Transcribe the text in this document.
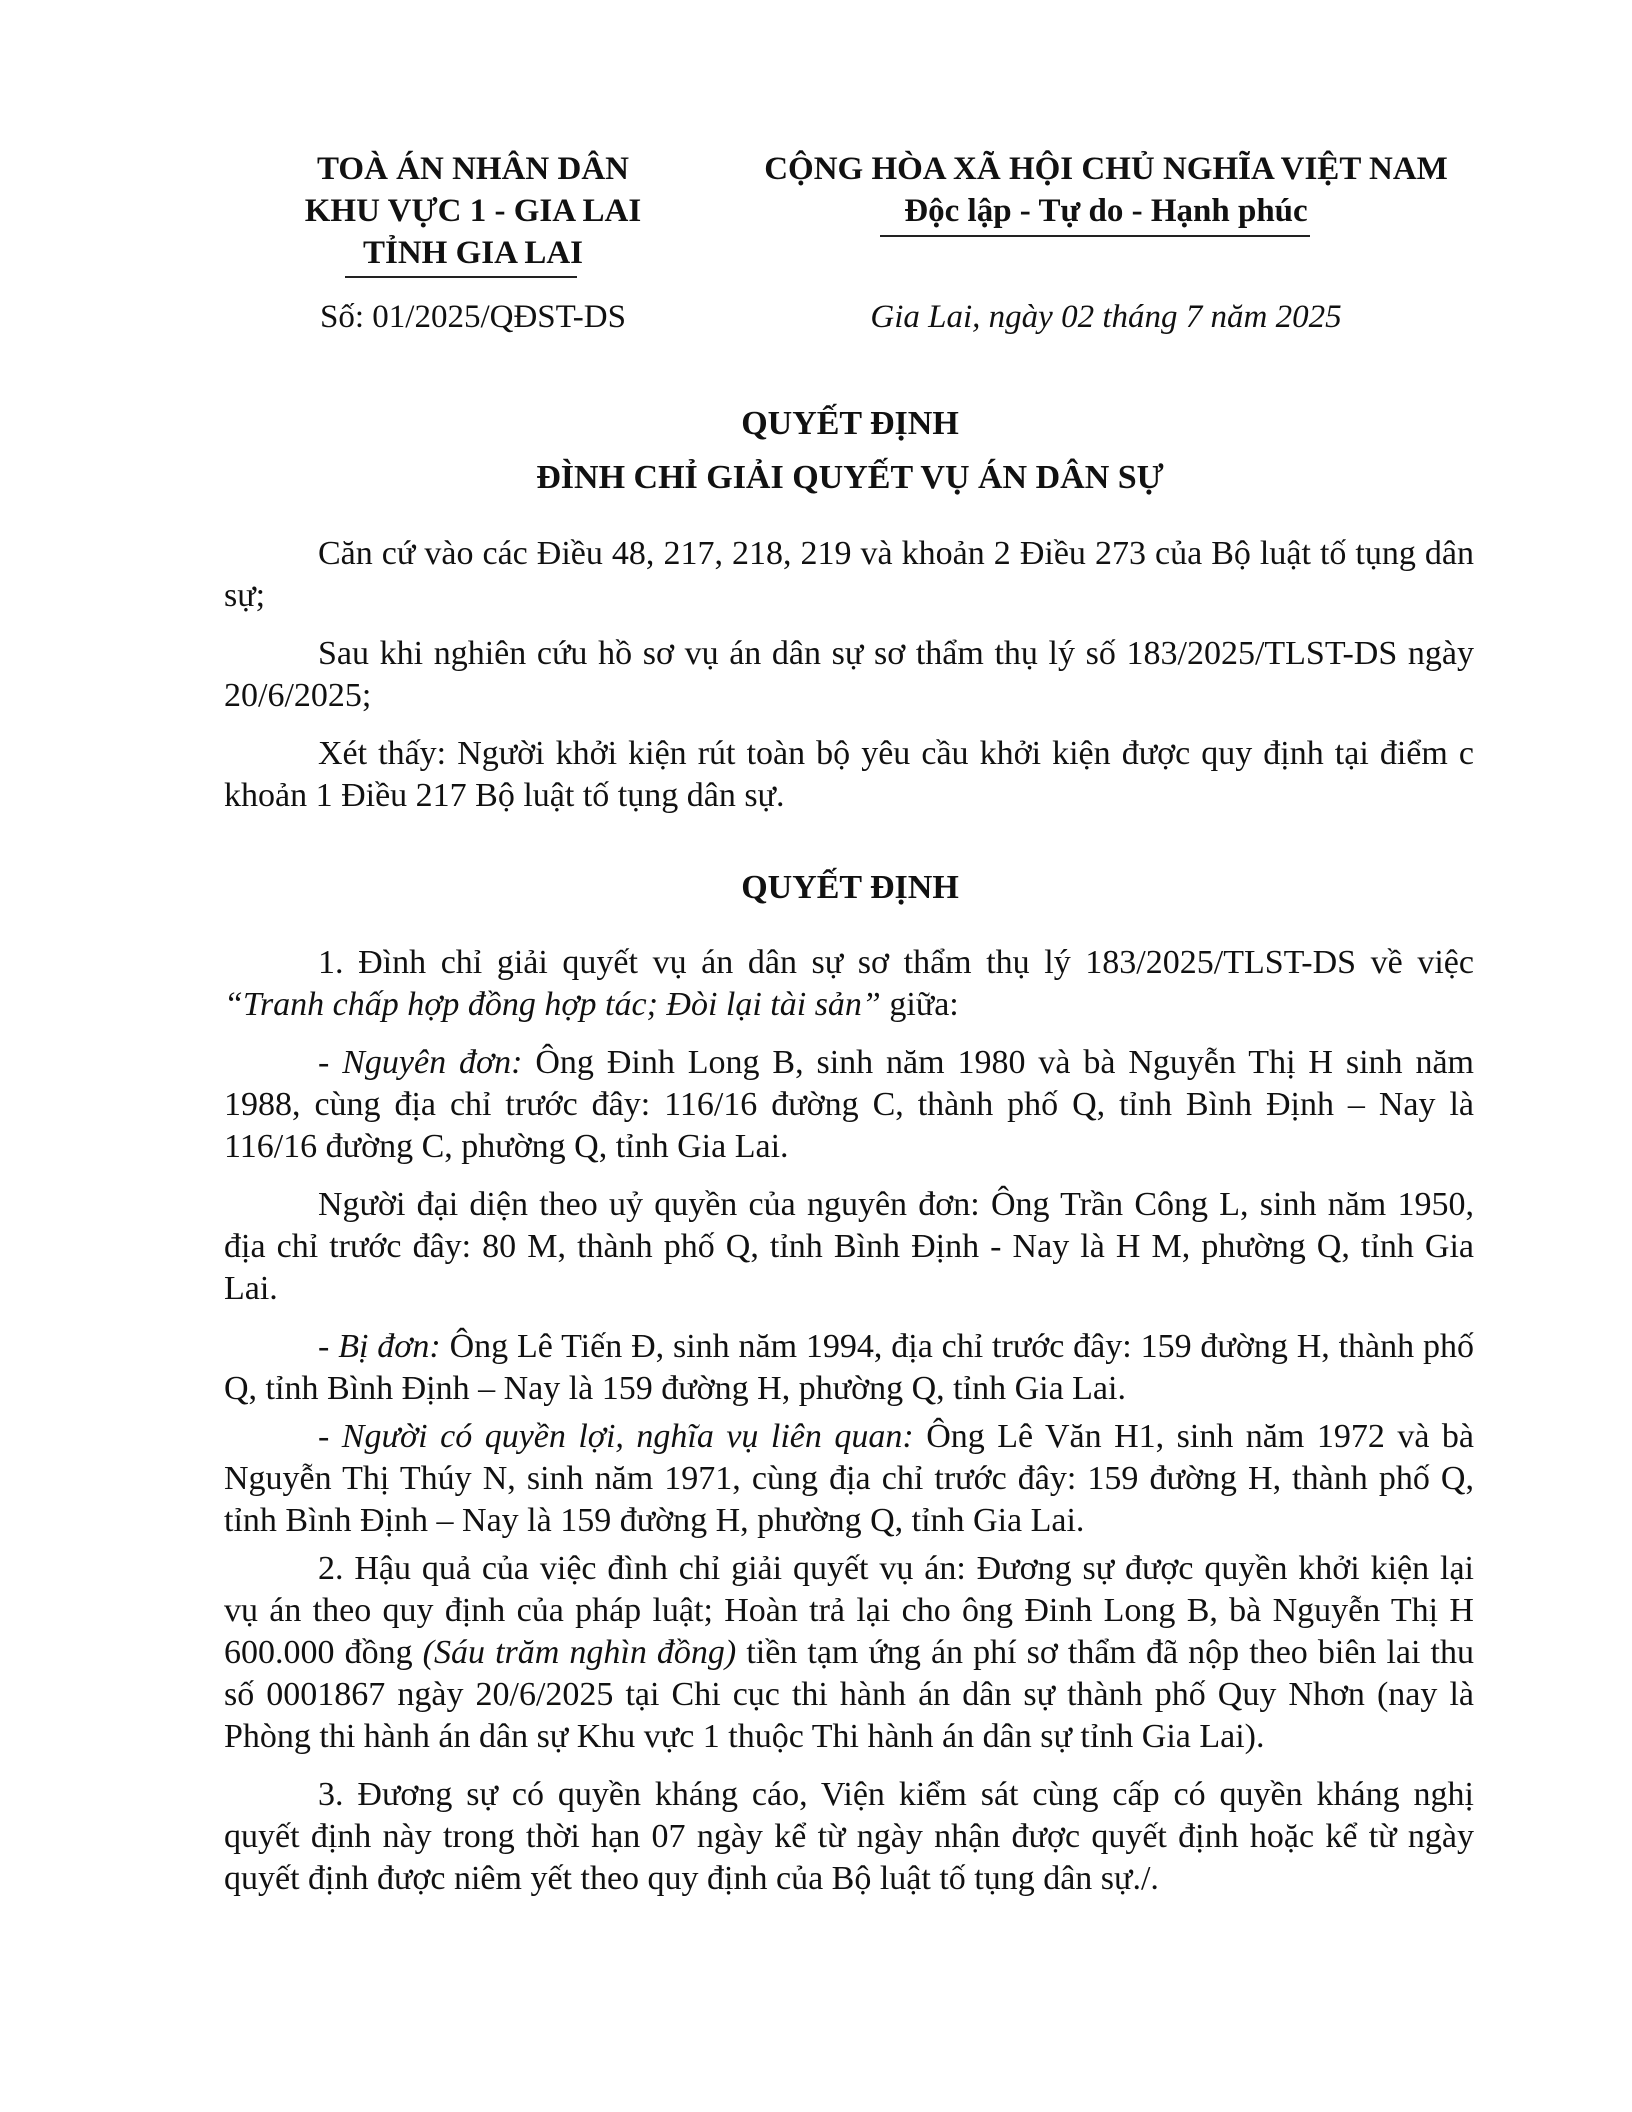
TOÀ ÁN NHÂN DÂN
KHU VỰC 1 - GIA LAI
TỈNH GIA LAI
CỘNG HÒA XÃ HỘI CHỦ NGHĨA VIỆT NAM
Độc lập - Tự do - Hạnh phúc
Số: 01/2025/QĐST-DS	Gia Lai, ngày 02 tháng 7 năm 2025
QUYẾT ĐỊNH
ĐÌNH CHỈ GIẢI QUYẾT VỤ ÁN DÂN SỰ

Căn cứ vào các Điều 48, 217, 218, 219 và khoản 2 Điều 273 của Bộ luật tố tụng dân sự;

Sau khi nghiên cứu hồ sơ vụ án dân sự sơ thẩm thụ lý số 183/2025/TLST-DS ngày 20/6/2025;

Xét thấy: Người khởi kiện rút toàn bộ yêu cầu khởi kiện được quy định tại điểm c khoản 1 Điều 217 Bộ luật tố tụng dân sự.

QUYẾT ĐỊNH

1. Đình chỉ giải quyết vụ án dân sự sơ thẩm thụ lý 183/2025/TLST-DS về việc “Tranh chấp hợp đồng hợp tác; Đòi lại tài sản” giữa:

- Nguyên đơn: Ông Đinh Long B, sinh năm 1980 và bà Nguyễn Thị H sinh năm 1988, cùng địa chỉ trước đây: 116/16 đường C, thành phố Q, tỉnh Bình Định – Nay là 116/16 đường C, phường Q, tỉnh Gia Lai.

Người đại diện theo uỷ quyền của nguyên đơn: Ông Trần Công L, sinh năm 1950, địa chỉ trước đây: 80 M, thành phố Q, tỉnh Bình Định - Nay là H M, phường Q, tỉnh Gia Lai.

- Bị đơn: Ông Lê Tiến Đ, sinh năm 1994, địa chỉ trước đây: 159 đường H, thành phố Q, tỉnh Bình Định – Nay là 159 đường H, phường Q, tỉnh Gia Lai.

- Người có quyền lợi, nghĩa vụ liên quan: Ông Lê Văn H1, sinh năm 1972 và bà Nguyễn Thị Thúy N, sinh năm 1971, cùng địa chỉ trước đây: 159 đường H, thành phố Q, tỉnh Bình Định – Nay là 159 đường H, phường Q, tỉnh Gia Lai.

2. Hậu quả của việc đình chỉ giải quyết vụ án: Đương sự được quyền khởi kiện lại vụ án theo quy định của pháp luật; Hoàn trả lại cho ông Đinh Long B, bà Nguyễn Thị H 600.000 đồng (Sáu trăm nghìn đồng) tiền tạm ứng án phí sơ thẩm đã nộp theo biên lai thu số 0001867 ngày 20/6/2025 tại Chi cục thi hành án dân sự thành phố Quy Nhơn (nay là Phòng thi hành án dân sự Khu vực 1 thuộc Thi hành án dân sự tỉnh Gia Lai).

3. Đương sự có quyền kháng cáo, Viện kiểm sát cùng cấp có quyền kháng nghị quyết định này trong thời hạn 07 ngày kể từ ngày nhận được quyết định hoặc kể từ ngày quyết định được niêm yết theo quy định của Bộ luật tố tụng dân sự./.
